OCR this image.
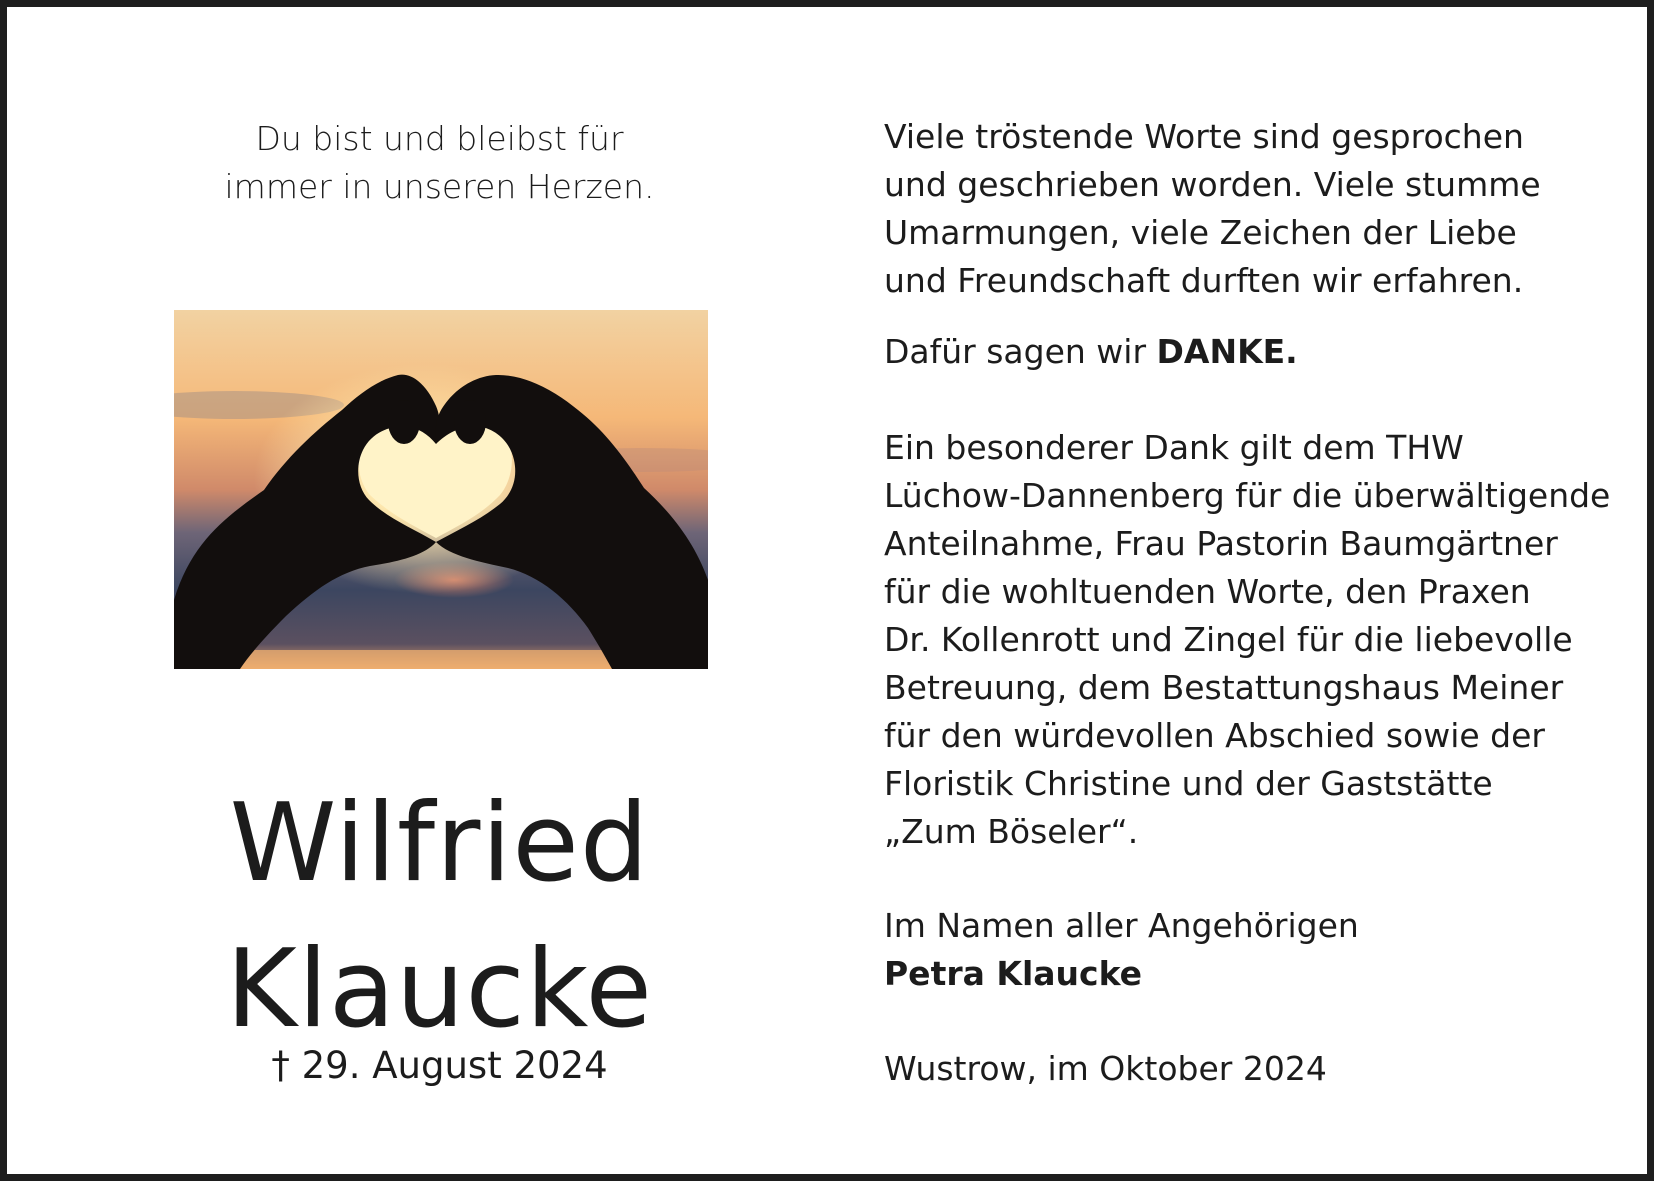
Du bist und bleibst für
immer in unseren Herzen.
Wilfried
Klaucke
† 29. August 2024
Viele tröstende Worte sind gesprochen
und geschrieben worden. Viele stumme
Umarmungen, viele Zeichen der Liebe
und Freundschaft durften wir erfahren.
Dafür sagen wir DANKE.
Ein besonderer Dank gilt dem THW
Lüchow-Dannenberg für die überwältigende
Anteilnahme, Frau Pastorin Baumgärtner
für die wohltuenden Worte, den Praxen
Dr. Kollenrott und Zingel für die liebevolle
Betreuung, dem Bestattungshaus Meiner
für den würdevollen Abschied sowie der
Floristik Christine und der Gaststätte
„Zum Böseler“.
Im Namen aller Angehörigen
Petra Klaucke
Wustrow, im Oktober 2024
